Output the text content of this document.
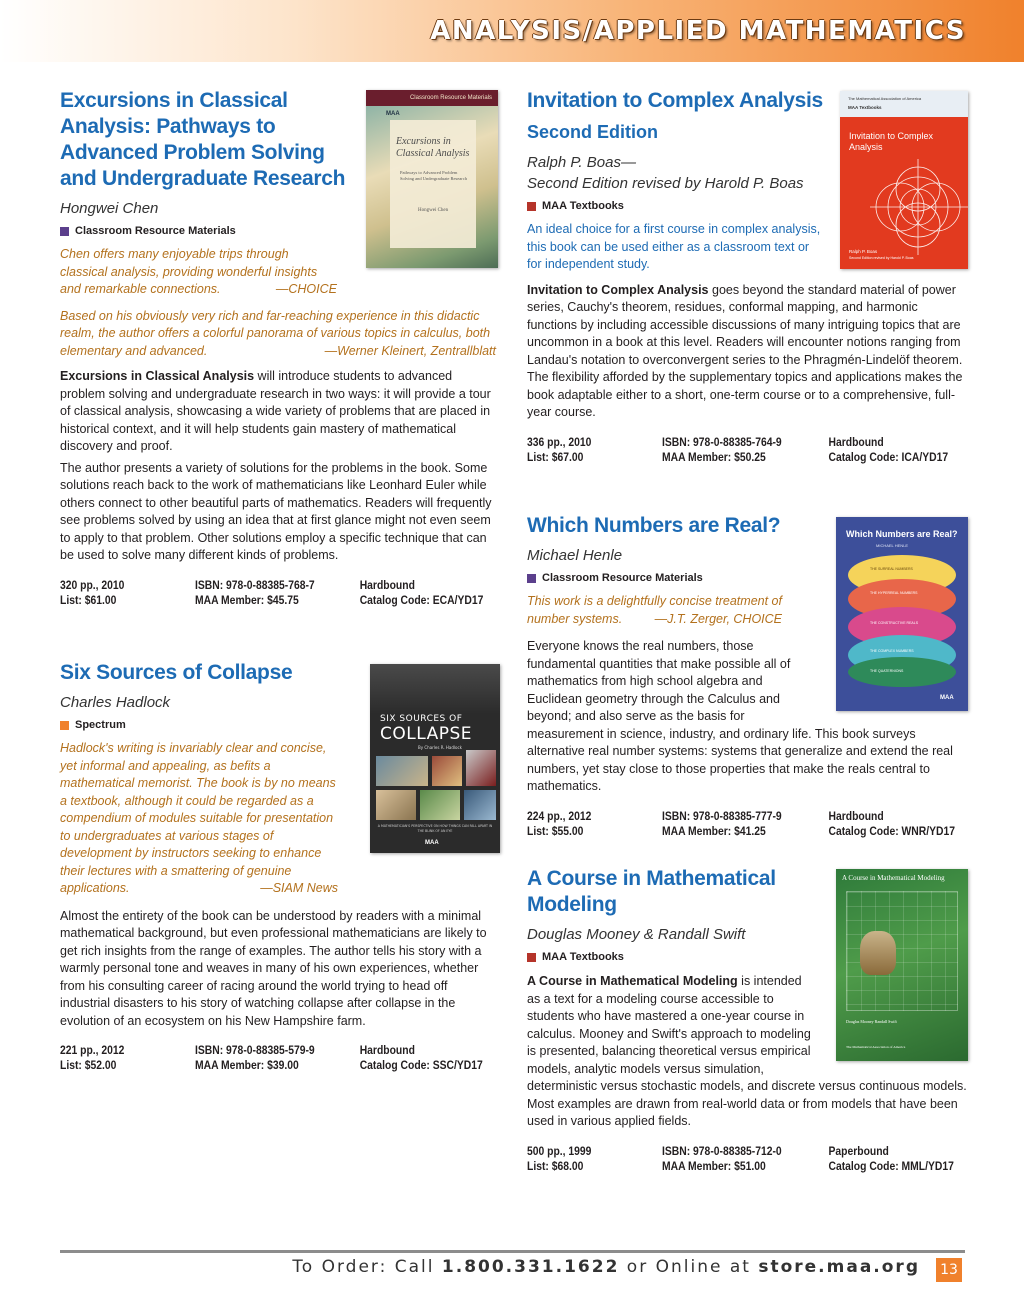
ANALYSIS/APPLIED MATHEMATICS
Excursions in Classical Analysis: Pathways to Advanced Problem Solving and Undergraduate Research
Hongwei Chen
Classroom Resource Materials
Chen offers many enjoyable trips through classical analysis, providing wonderful insights and remarkable connections.	—CHOICE
Based on his obviously very rich and far-reaching experience in this didactic realm, the author offers a colorful panorama of various topics in calculus, both elementary and advanced.	—Werner Kleinert, Zentrallblatt
Excursions in Classical Analysis will introduce students to advanced problem solving and undergraduate research in two ways: it will provide a tour of classical analysis, showcasing a wide variety of problems that are placed in historical context, and it will help students gain mastery of mathematical discovery and proof.
The author presents a variety of solutions for the problems in the book. Some solutions reach back to the work of mathematicians like Leonhard Euler while others connect to other beautiful parts of mathematics. Readers will frequently see problems solved by using an idea that at first glance might not even seem to apply to that problem. Other solutions employ a specific technique that can be used to solve many different kinds of problems.
320 pp., 2010	ISBN: 978-0-88385-768-7	Hardbound
List: $61.00	MAA Member: $45.75	Catalog Code: ECA/YD17
Classroom Resource Materials
MAA
Excursions in Classical Analysis
Pathways to Advanced Problem Solving and Undergraduate Research
Hongwei Chen
Six Sources of Collapse
Charles Hadlock
Spectrum
Hadlock's writing is invariably clear and concise, yet informal and appealing, as befits a mathematical memorist. The book is by no means a textbook, although it could be regarded as a compendium of modules suitable for presentation to undergraduates at various stages of development by instructors seeking to enhance their lectures with a smattering of genuine applications.	—SIAM News
Almost the entirety of the book can be understood by readers with a minimal mathematical background, but even professional mathematicians are likely to get rich insights from the range of examples. The author tells his story with a warmly personal tone and weaves in many of his own experiences, whether from his consulting career of racing around the world trying to head off industrial disasters to his story of watching collapse after collapse in the evolution of an ecosystem on his New Hampshire farm.
221 pp., 2012	ISBN: 978-0-88385-579-9	Hardbound
List: $52.00	MAA Member: $39.00	Catalog Code: SSC/YD17
SIX SOURCES OF
COLLAPSE
By Charles R. Hadlock
A MATHEMATICIAN'S PERSPECTIVE ON HOW THINGS CAN FALL APART IN THE BLINK OF AN EYE
MAA
Invitation to Complex Analysis
Second Edition
Ralph P. Boas—
Second Edition revised by Harold P. Boas
MAA Textbooks
An ideal choice for a first course in complex analysis, this book can be used either as a classroom text or for independent study.
Invitation to Complex Analysis goes beyond the standard material of power series, Cauchy's theorem, residues, conformal mapping, and harmonic functions by including accessible discussions of many intriguing topics that are uncommon in a book at this level. Readers will encounter notions ranging from Landau's notation to overconvergent series to the Phragmén-Lindelöf theorem. The flexibility afforded by the supplementary topics and applications makes the book adaptable either to a short, one-term course or to a comprehensive, full-year course.
336 pp., 2010	ISBN: 978-0-88385-764-9	Hardbound
List: $67.00	MAA Member: $50.25	Catalog Code: ICA/YD17
The Mathematical Association of America
MAA Textbooks
Invitation to Complex Analysis
Ralph P. Boas
Second Edition revised by Harold P. Boas
Which Numbers are Real?
Michael Henle
Classroom Resource Materials
This work is a delightfully concise treatment of number systems.	—J.T. Zerger, CHOICE
Everyone knows the real numbers, those fundamental quantities that make possible all of mathematics from high school algebra and Euclidean geometry through the Calculus and beyond; and also serve as the basis for measurement in science, industry, and ordinary life. This book surveys alternative real number systems: systems that generalize and extend the real numbers, yet stay close to those properties that make the reals central to mathematics.
224 pp., 2012	ISBN: 978-0-88385-777-9	Hardbound
List: $55.00	MAA Member: $41.25	Catalog Code: WNR/YD17
Which Numbers are Real?
MICHAEL HENLE
THE SURREAL NUMBERS
THE HYPERREAL NUMBERS
THE CONSTRUCTIVE REALS
THE COMPLEX NUMBERS
THE QUATERNIONS
MAA
A Course in Mathematical Modeling
Douglas Mooney & Randall Swift
MAA Textbooks
A Course in Mathematical Modeling is intended as a text for a modeling course accessible to students who have mastered a one-year course in calculus. Mooney and Swift's approach to modeling is presented, balancing theoretical versus empirical models, analytic models versus simulation, deterministic versus stochastic models, and discrete versus continuous models. Most examples are drawn from real-world data or from models that have been used in various applied fields.
500 pp., 1999	ISBN: 978-0-88385-712-0	Paperbound
List: $68.00	MAA Member: $51.00	Catalog Code: MML/YD17
A Course in Mathematical Modeling
Douglas Mooney Randall Swift
The Mathematical Association of America
To Order: Call 1.800.331.1622 or Online at store.maa.org 13
